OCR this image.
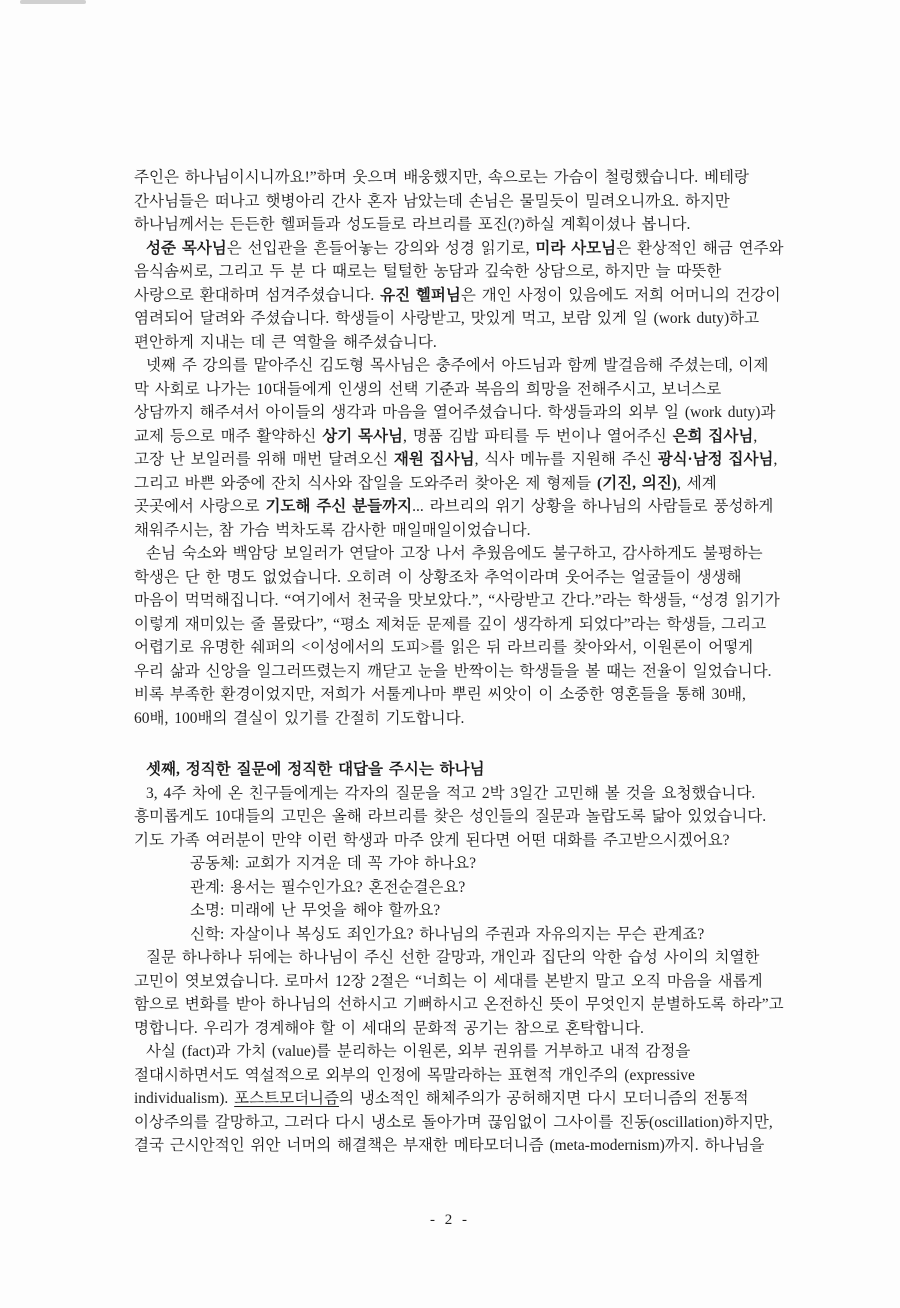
주인은 하나님이시니까요!”하며 웃으며 배웅했지만, 속으로는 가슴이 철렁했습니다. 베테랑
간사님들은 떠나고 햇병아리 간사 혼자 남았는데 손님은 물밀듯이 밀려오니까요. 하지만
하나님께서는 든든한 헬퍼들과 성도들로 라브리를 포진(?)하실 계획이셨나 봅니다.
성준 목사님은 선입관을 흔들어놓는 강의와 성경 읽기로, 미라 사모님은 환상적인 해금 연주와
음식솜씨로, 그리고 두 분 다 때로는 털털한 농담과 깊숙한 상담으로, 하지만 늘 따뜻한
사랑으로 환대하며 섬겨주셨습니다. 유진 헬퍼님은 개인 사정이 있음에도 저희 어머니의 건강이
염려되어 달려와 주셨습니다. 학생들이 사랑받고, 맛있게 먹고, 보람 있게 일 (work duty)하고
편안하게 지내는 데 큰 역할을 해주셨습니다.
넷째 주 강의를 맡아주신 김도형 목사님은 충주에서 아드님과 함께 발걸음해 주셨는데, 이제
막 사회로 나가는 10대들에게 인생의 선택 기준과 복음의 희망을 전해주시고, 보너스로
상담까지 해주셔서 아이들의 생각과 마음을 열어주셨습니다. 학생들과의 외부 일 (work duty)과
교제 등으로 매주 활약하신 상기 목사님, 명품 김밥 파티를 두 번이나 열어주신 은희 집사님,
고장 난 보일러를 위해 매번 달려오신 재원 집사님, 식사 메뉴를 지원해 주신 광식·남정 집사님,
그리고 바쁜 와중에 잔치 식사와 잡일을 도와주러 찾아온 제 형제들 (기진, 의진), 세계
곳곳에서 사랑으로 기도해 주신 분들까지... 라브리의 위기 상황을 하나님의 사람들로 풍성하게
채워주시는, 참 가슴 벅차도록 감사한 매일매일이었습니다.
손님 숙소와 백암당 보일러가 연달아 고장 나서 추웠음에도 불구하고, 감사하게도 불평하는
학생은 단 한 명도 없었습니다. 오히려 이 상황조차 추억이라며 웃어주는 얼굴들이 생생해
마음이 먹먹해집니다. “여기에서 천국을 맛보았다.”, “사랑받고 간다.”라는 학생들, “성경 읽기가
이렇게 재미있는 줄 몰랐다”, “평소 제쳐둔 문제를 깊이 생각하게 되었다”라는 학생들, 그리고
어렵기로 유명한 쉐퍼의 <이성에서의 도피>를 읽은 뒤 라브리를 찾아와서, 이원론이 어떻게
우리 삶과 신앙을 일그러뜨렸는지 깨닫고 눈을 반짝이는 학생들을 볼 때는 전율이 일었습니다.
비록 부족한 환경이었지만, 저희가 서툴게나마 뿌린 씨앗이 이 소중한 영혼들을 통해 30배,
60배, 100배의 결실이 있기를 간절히 기도합니다.
셋째, 정직한 질문에 정직한 대답을 주시는 하나님
3, 4주 차에 온 친구들에게는 각자의 질문을 적고 2박 3일간 고민해 볼 것을 요청했습니다.
흥미롭게도 10대들의 고민은 올해 라브리를 찾은 성인들의 질문과 놀랍도록 닮아 있었습니다.
기도 가족 여러분이 만약 이런 학생과 마주 앉게 된다면 어떤 대화를 주고받으시겠어요?
공동체: 교회가 지겨운 데 꼭 가야 하나요?
관계: 용서는 필수인가요? 혼전순결은요?
소명: 미래에 난 무엇을 해야 할까요?
신학: 자살이나 복싱도 죄인가요? 하나님의 주권과 자유의지는 무슨 관계죠?
질문 하나하나 뒤에는 하나님이 주신 선한 갈망과, 개인과 집단의 악한 습성 사이의 치열한
고민이 엿보였습니다. 로마서 12장 2절은 “너희는 이 세대를 본받지 말고 오직 마음을 새롭게
함으로 변화를 받아 하나님의 선하시고 기뻐하시고 온전하신 뜻이 무엇인지 분별하도록 하라”고
명합니다. 우리가 경계해야 할 이 세대의 문화적 공기는 참으로 혼탁합니다.
사실 (fact)과 가치 (value)를 분리하는 이원론, 외부 권위를 거부하고 내적 감정을
절대시하면서도 역설적으로 외부의 인정에 목말라하는 표현적 개인주의 (expressive
individualism). 포스트모더니즘의 냉소적인 해체주의가 공허해지면 다시 모더니즘의 전통적
이상주의를 갈망하고, 그러다 다시 냉소로 돌아가며 끊임없이 그사이를 진동(oscillation)하지만,
결국 근시안적인 위안 너머의 해결책은 부재한 메타모더니즘 (meta-modernism)까지. 하나님을
- 2 -
